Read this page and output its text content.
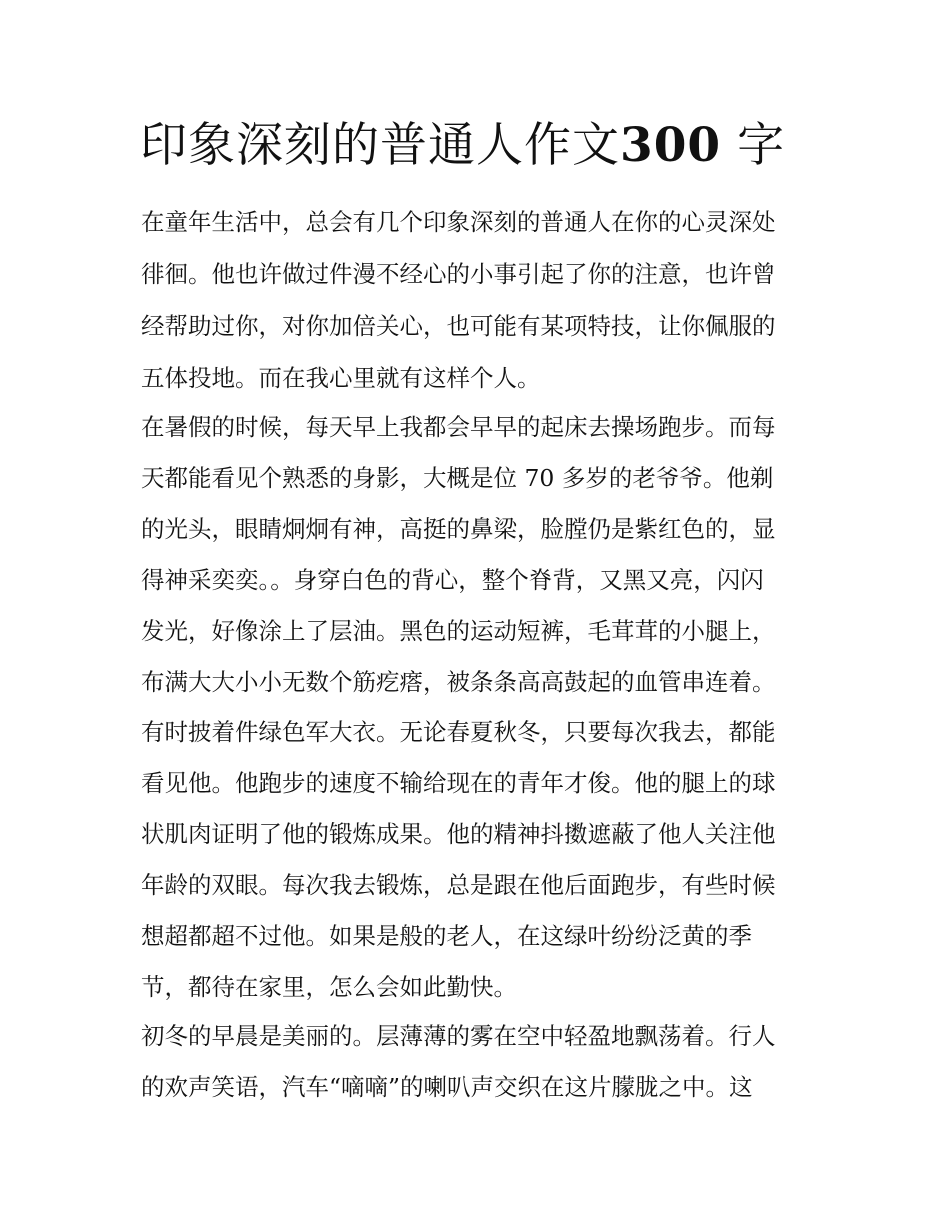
印象深刻的普通人作文300 字

在童年生活中，总会有几个印象深刻的普通人在你的心灵深处

徘徊。他也许做过件漫不经心的小事引起了你的注意，也许曾

经帮助过你，对你加倍关心，也可能有某项特技，让你佩服的

五体投地。而在我心里就有这样个人。

在暑假的时候，每天早上我都会早早的起床去操场跑步。而每

天都能看见个熟悉的身影，大概是位 70 多岁的老爷爷。他剃

的光头，眼睛炯炯有神，高挺的鼻梁，脸膛仍是紫红色的，显

得神采奕奕。。身穿白色的背心，整个脊背，又黑又亮，闪闪

发光，好像涂上了层油。黑色的运动短裤，毛茸茸的小腿上，

布满大大小小无数个筋疙瘩，被条条高高鼓起的血管串连着。

有时披着件绿色军大衣。无论春夏秋冬，只要每次我去，都能

看见他。他跑步的速度不输给现在的青年才俊。他的腿上的球

状肌肉证明了他的锻炼成果。他的精神抖擞遮蔽了他人关注他

年龄的双眼。每次我去锻炼，总是跟在他后面跑步，有些时候

想超都超不过他。如果是般的老人，在这绿叶纷纷泛黄的季

节，都待在家里，怎么会如此勤快。

初冬的早晨是美丽的。层薄薄的雾在空中轻盈地飘荡着。行人

的欢声笑语，汽车“嘀嘀”的喇叭声交织在这片朦胧之中。这
